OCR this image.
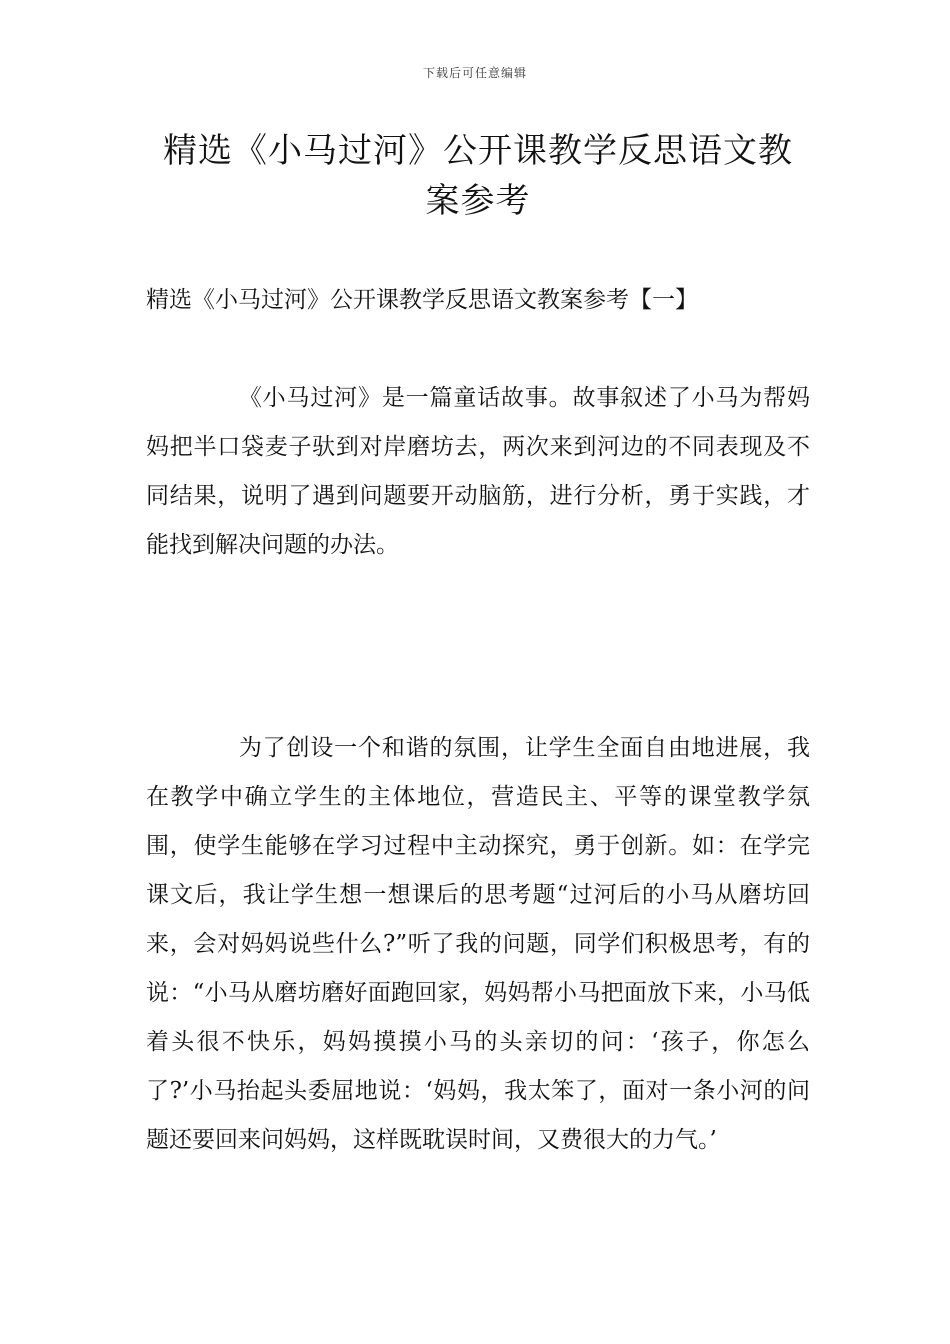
下载后可任意编辑
精选《小马过河》公开课教学反思语文教案参考
精选《小马过河》公开课教学反思语文教案参考【一】

《小马过河》是一篇童话故事。故事叙述了小马为帮妈妈把半口袋麦子驮到对岸磨坊去，两次来到河边的不同表现及不同结果，说明了遇到问题要开动脑筋，进行分析，勇于实践，才能找到解决问题的办法。

为了创设一个和谐的氛围，让学生全面自由地进展，我在教学中确立学生的主体地位，营造民主、平等的课堂教学氛围，使学生能够在学习过程中主动探究，勇于创新。如：在学完课文后，我让学生想一想课后的思考题“过河后的小马从磨坊回来，会对妈妈说些什么?”听了我的问题，同学们积极思考，有的说：“小马从磨坊磨好面跑回家，妈妈帮小马把面放下来，小马低着头很不快乐，妈妈摸摸小马的头亲切的问：‘孩子，你怎么了?’小马抬起头委屈地说：‘妈妈，我太笨了，面对一条小河的问题还要回来问妈妈，这样既耽误时间，又费很大的力气。’
